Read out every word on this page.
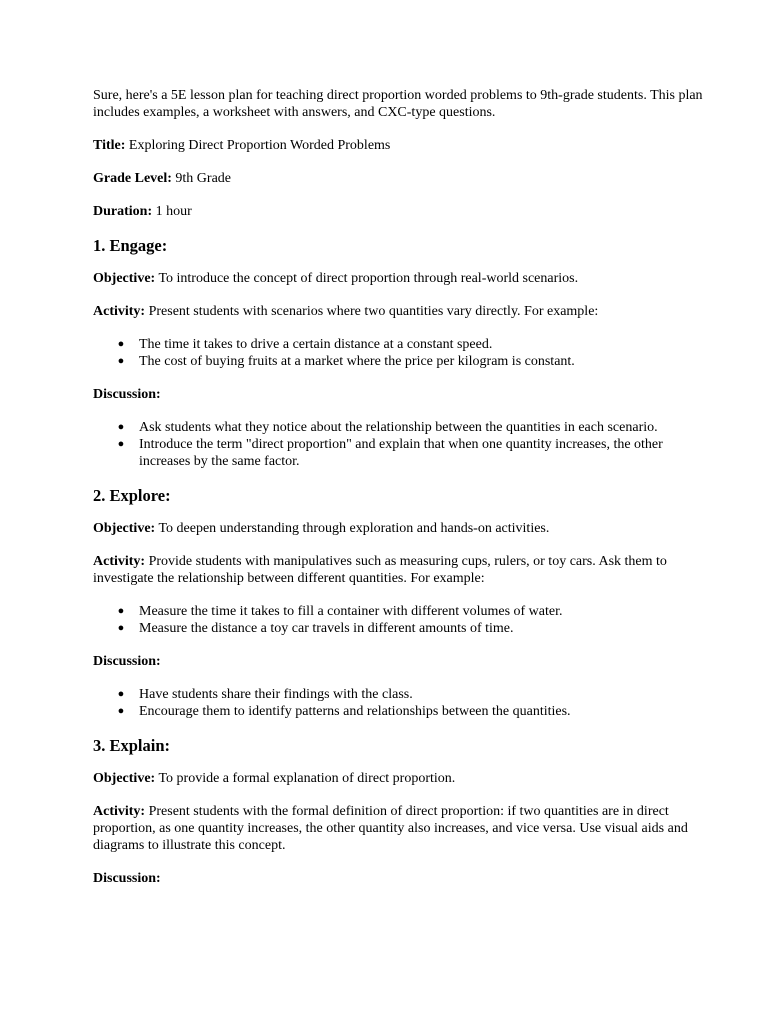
Sure, here's a 5E lesson plan for teaching direct proportion worded problems to 9th-grade students. This plan includes examples, a worksheet with answers, and CXC-type questions.

Title: Exploring Direct Proportion Worded Problems

Grade Level: 9th Grade

Duration: 1 hour

1. Engage:

Objective: To introduce the concept of direct proportion through real-world scenarios.

Activity: Present students with scenarios where two quantities vary directly. For example:

● The time it takes to drive a certain distance at a constant speed.
● The cost of buying fruits at a market where the price per kilogram is constant.

Discussion:

● Ask students what they notice about the relationship between the quantities in each scenario.
● Introduce the term "direct proportion" and explain that when one quantity increases, the other increases by the same factor.
2. Explore:

Objective: To deepen understanding through exploration and hands-on activities.

Activity: Provide students with manipulatives such as measuring cups, rulers, or toy cars. Ask them to investigate the relationship between different quantities. For example:

● Measure the time it takes to fill a container with different volumes of water.
● Measure the distance a toy car travels in different amounts of time.

Discussion:

● Have students share their findings with the class.
● Encourage them to identify patterns and relationships between the quantities.
3. Explain:

Objective: To provide a formal explanation of direct proportion.

Activity: Present students with the formal definition of direct proportion: if two quantities are in direct proportion, as one quantity increases, the other quantity also increases, and vice versa. Use visual aids and diagrams to illustrate this concept.

Discussion:
